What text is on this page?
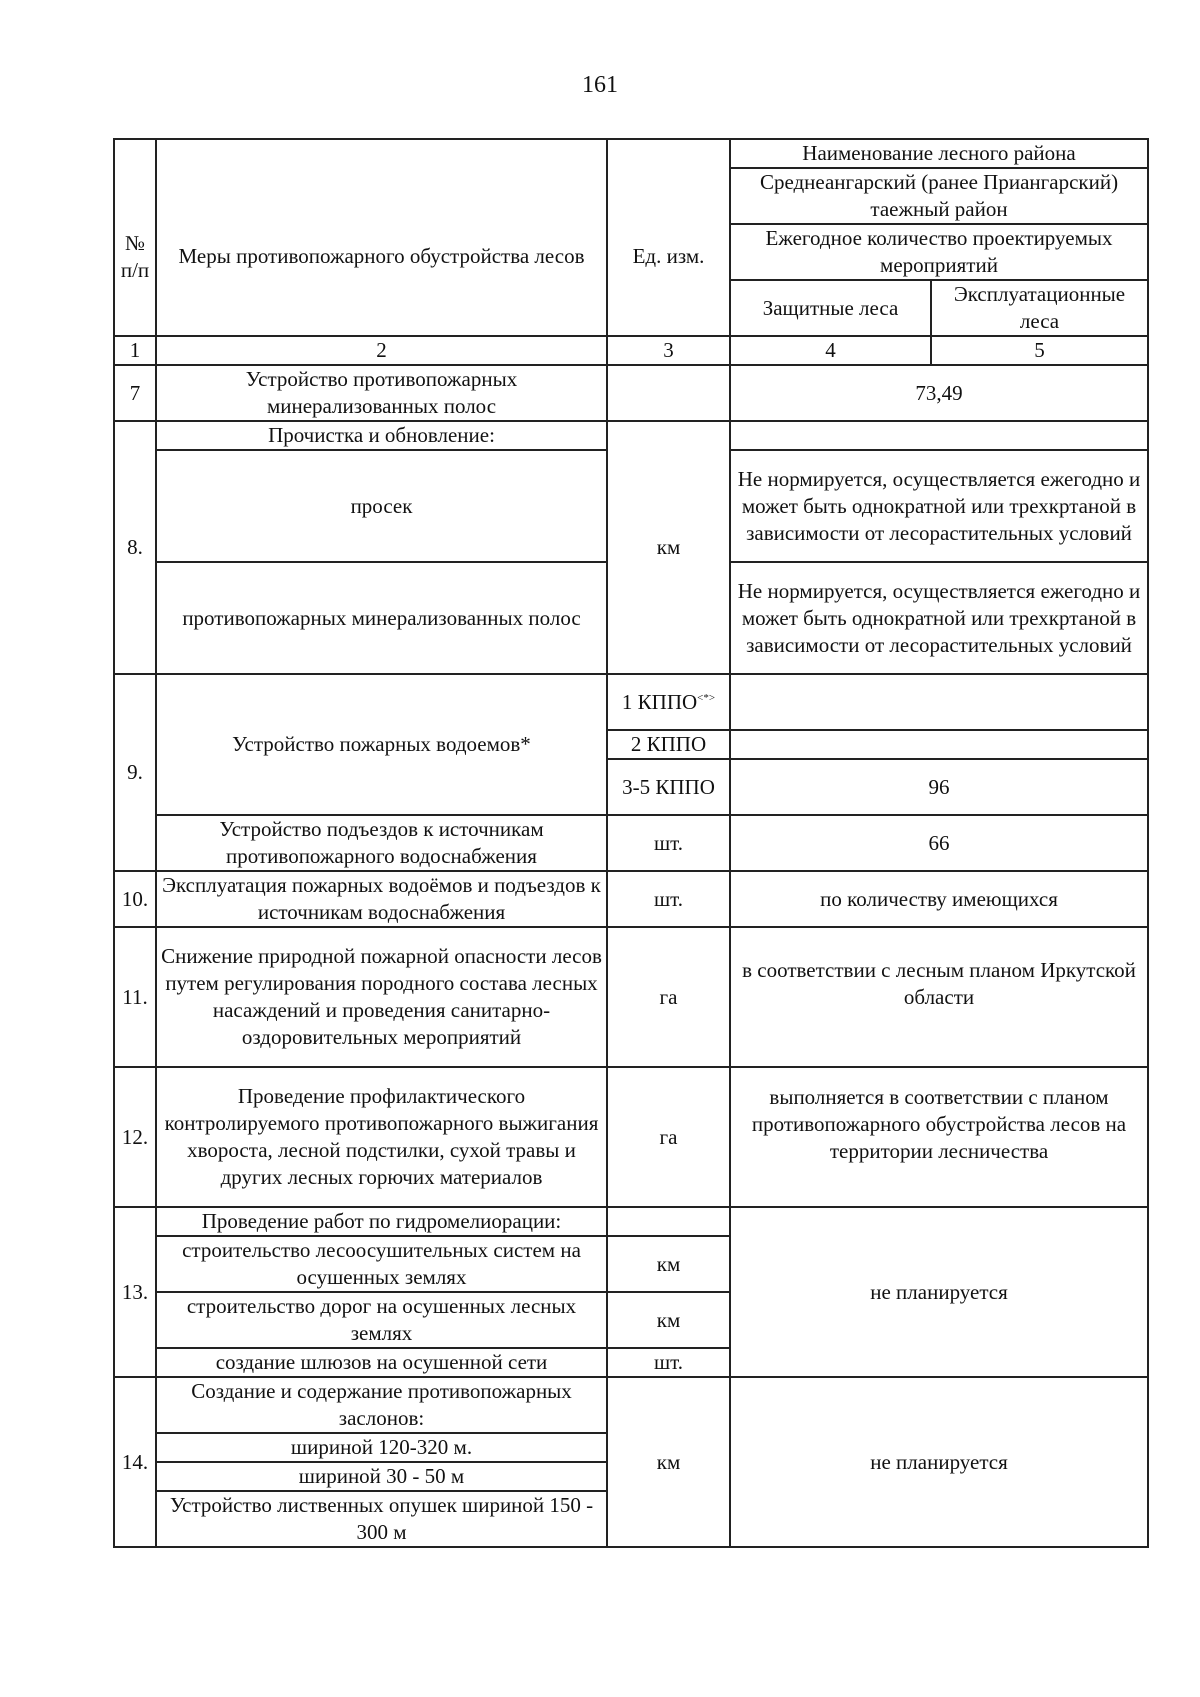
161
№ п/п	Меры противопожарного обустройства лесов	Ед. изм.	Наименование лесного района	
			Среднеангарский (ранее Приангарский) таежный район	
			Ежегодное количество проектируемых мероприятий	
			Защитные леса	Эксплуатационные леса
1	2	3	4	5
7	Устройство противопожарных минерализованных полос		73,49	
8.	Прочистка и обновление:	км		
	просек		Не нормируется, осуществляется ежегодно и может быть однократной или трехкртаной в зависимости от лесорастительных условий	
	противопожарных минерализованных полос		Не нормируется, осуществляется ежегодно и может быть однократной или трехкртаной в зависимости от лесорастительных условий	
9.	Устройство пожарных водоемов*	1 КППО<*>	
		2 КППО		
		3-5 КППО	96	
	Устройство подъездов к источникам противопожарного водоснабжения	шт.	66	
10.	Эксплуатация пожарных водоёмов и подъездов к источникам водоснабжения	шт.	по количеству имеющихся	
11.	Снижение природной пожарной опасности лесов путем регулирования породного состава лесных насаждений и проведения санитарно-оздоровительных мероприятий	га	в соответствии с лесным планом Иркутской области	
12.	Проведение профилактического контролируемого противопожарного выжигания хвороста, лесной подстилки, сухой травы и других лесных горючих материалов	га	выполняется в соответствии с планом противопожарного обустройства лесов на территории лесничества	
13.	Проведение работ по гидромелиорации:		не планируется	
	строительство лесоосушительных систем на осушенных землях	км		
	строительство дорог на осушенных лесных землях	км		
	создание шлюзов на осушенной сети	шт.		
14.	Создание и содержание противопожарных заслонов:	км	не планируется	
	шириной 120-320 м.			
	шириной 30 - 50 м			
	Устройство лиственных опушек шириной 150 - 300 м			
